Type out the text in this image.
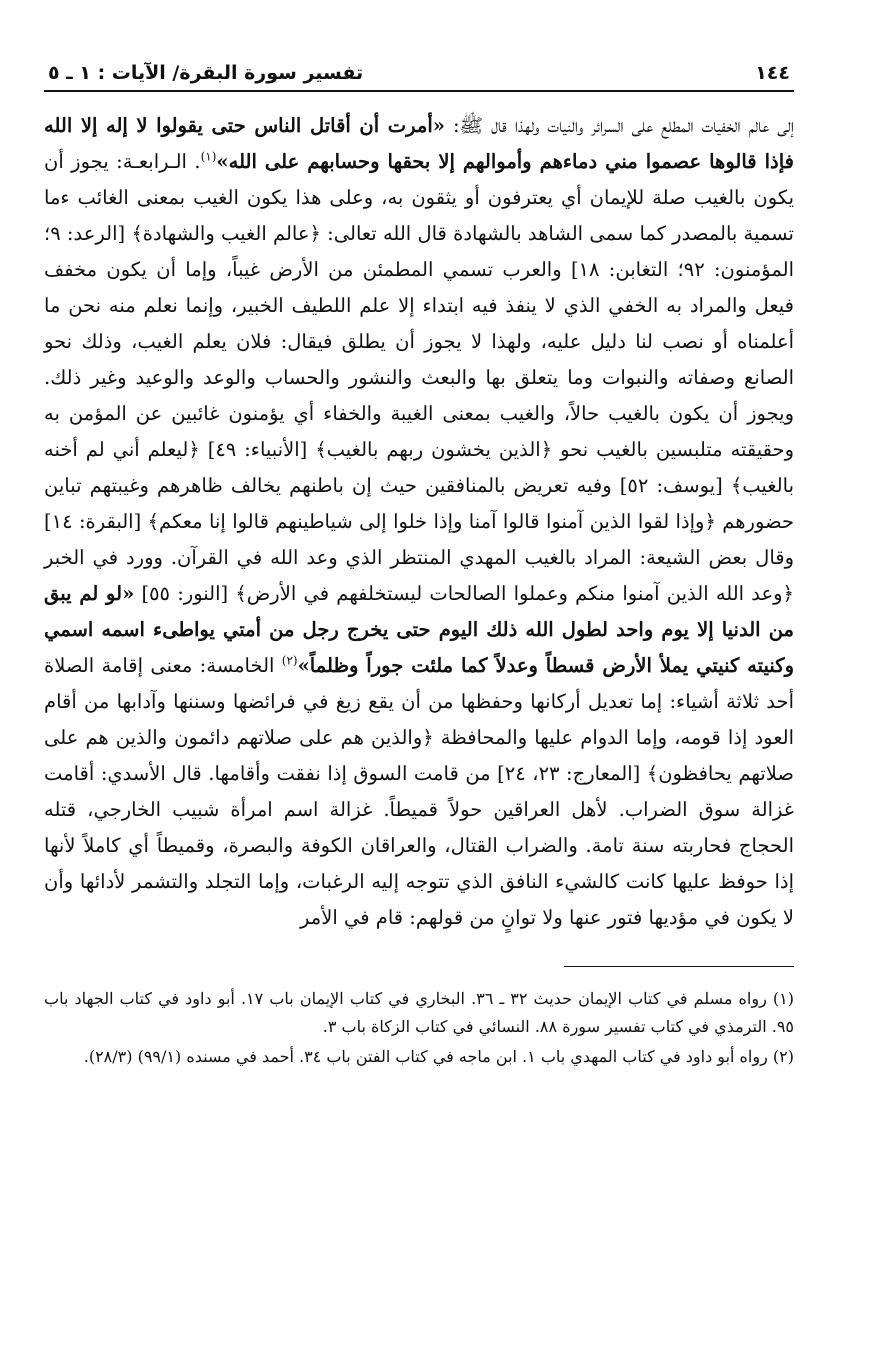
١٤٤
تفسير سورة البقرة/ الآيات : ١ ـ ٥

إلى عالم الخفيات المطلع على السرائر والنيات ولهذا قال ﷺ: «أمرت أن أقاتل الناس حتى يقولوا لا إله إلا الله فإذا قالوها عصموا مني دماءهم وأموالهم إلا بحقها وحسابهم على الله»$^{(١)}$. الـرابعـة: يجوز أن يكون بالغيب صلة للإيمان أي يعترفون أو يثقون به، وعلى هذا يكون الغيب بمعنى الغائب ءما تسمية بالمصدر كما سمى الشاهد بالشهادة قال الله تعالى: ﴿عالم الغيب والشهادة﴾ [الرعد: ٩؛ المؤمنون: ٩٢؛ التغابن: ١٨] والعرب تسمي المطمئن من الأرض غيباً، وإما أن يكون مخفف فيعل والمراد به الخفي الذي لا ينفذ فيه ابتداء إلا علم اللطيف الخبير، وإنما نعلم منه نحن ما أعلمناه أو نصب لنا دليل عليه، ولهذا لا يجوز أن يطلق فيقال: فلان يعلم الغيب، وذلك نحو الصانع وصفاته والنبوات وما يتعلق بها والبعث والنشور والحساب والوعد والوعيد وغير ذلك. ويجوز أن يكون بالغيب حالاً، والغيب بمعنى الغيبة والخفاء أي يؤمنون غائبين عن المؤمن به وحقيقته متلبسين بالغيب نحو ﴿الذين يخشون ربهم بالغيب﴾ [الأنبياء: ٤٩] ﴿ليعلم أني لم أخنه بالغيب﴾ [يوسف: ٥٢] وفيه تعريض بالمنافقين حيث إن باطنهم يخالف ظاهرهم وغيبتهم تباين حضورهم ﴿وإذا لقوا الذين آمنوا قالوا آمنا وإذا خلوا إلى شياطينهم قالوا إنا معكم﴾ [البقرة: ١٤] وقال بعض الشيعة: المراد بالغيب المهدي المنتظر الذي وعد الله في القرآن. وورد في الخبر ﴿وعد الله الذين آمنوا منكم وعملوا الصالحات ليستخلفهم في الأرض﴾ [النور: ٥٥] «لو لم يبق من الدنيا إلا يوم واحد لطول الله ذلك اليوم حتى يخرج رجل من أمتي يواطىء اسمه اسمي وكنيته كنيتي يملأ الأرض قسطاً وعدلاً كما ملئت جوراً وظلماً»$^{(٢)}$ الخامسة: معنى إقامة الصلاة أحد ثلاثة أشياء: إما تعديل أركانها وحفظها من أن يقع زيغ في فرائضها وسننها وآدابها من أقام العود إذا قومه، وإما الدوام عليها والمحافظة ﴿والذين هم على صلاتهم دائمون والذين هم على صلاتهم يحافظون﴾ [المعارج: ٢٣، ٢٤] من قامت السوق إذا نفقت وأقامها. قال الأسدي: أقامت غزالة سوق الضراب. لأهل العراقين حولاً قميطاً. غزالة اسم امرأة شبيب الخارجي، قتله الحجاج فحاربته سنة تامة. والضراب القتال، والعراقان الكوفة والبصرة، وقميطاً أي كاملاً لأنها إذا حوفظ عليها كانت كالشيء النافق الذي تتوجه إليه الرغبات، وإما التجلد والتشمر لأدائها وأن لا يكون في مؤديها فتور عنها ولا توانٍ من قولهم: قام في الأمر

(١) رواه مسلم في كتاب الإيمان حديث ٣٢ ـ ٣٦. البخاري في كتاب الإيمان باب ١٧. أبو داود في كتاب الجهاد باب ٩٥. الترمذي في كتاب تفسير سورة ٨٨. النسائي في كتاب الزكاة باب ٣.

(٢) رواه أبو داود في كتاب المهدي باب ١. ابن ماجه في كتاب الفتن باب ٣٤. أحمد في مسنده (٩٩/١) (٢٨/٣).
